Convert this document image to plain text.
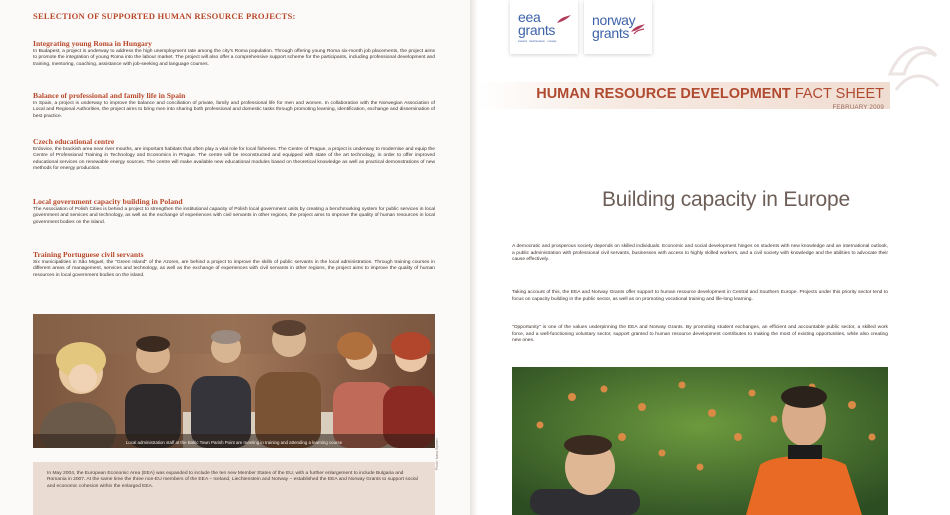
SELECTION OF SUPPORTED HUMAN RESOURCE PROJECTS:
Integrating young Roma in Hungary

In Budapest, a project is underway to address the high unemployment rate among the city's Roma population. Through offering young Roma six-month job placements, the project aims to promote the integration of young Roma into the labour market. The project will also offer a comprehensive support scheme for the participants, including professional development and training, mentoring, coaching, assistance with job-seeking and language courses.

Balance of professional and family life in Spain

In Spain, a project is underway to improve the balance and conciliation of private, family and professional life for men and women. In collaboration with the Norwegian Association of Local and Regional Authorities, the project aims to bring men into sharing both professional and domestic tasks through promoting learning, identification, exchange and dissemination of best practice.

Czech educational centre

Erdovice, the brackish area near river mouths, are important habitats that often play a vital role for local fisheries. The Centre of Prague, a project is underway to modernise and equip the Centre of Professional Training in Technology and Economics in Prague. The centre will be reconstructed and equipped with state of the art technology, in order to offer improved educational services on renewable energy sources. The centre will make available new educational modules based on theoretical knowledge as well as practical demonstrations of new methods for energy production.

Local government capacity building in Poland

The Association of Polish Cities is behind a project to strengthen the institutional capacity of Polish local government units by creating a benchmarking system for public services in local government and services and technology, as well as the exchange of experiences with civil servants in other regions, the project aims to improve the quality of human resources in local government bodies on the island.

Training Portuguese civil servants

Six municipalities in São Miguel, the "Green Island" of the Azores, are behind a project to improve the skills of public servants in the local administration. Through training courses in different areas of management, services and technology, as well as the exchange of experiences with civil servants in other regions, the project aims to improve the quality of human resources in local government bodies on the island.

Local administration staff at the Baltic Town Parish Point are meeting in training and attending a learning course

In May 2004, the European Economic Area (EEA) was expanded to include the ten new Member States of the EU, with a further enlargement to include Bulgaria and Romania in 2007. At the same time the three non-EU members of the EEA – Iceland, Liechtenstein and Norway – established the EEA and Norway Grants to support social and economic cohesion within the enlarged EEA.

Photo: Ivana Sipmen
eea
grants
iceland · liechtenstein · norway
norway
grants
HUMAN RESOURCE DEVELOPMENT FACT SHEET
FEBRUARY 2009
Building capacity in Europe

A democratic and prosperous society depends on skilled individuals. Economic and social development hinges on students with new knowledge and an international outlook, a public administration with professional civil servants, businesses with access to highly skilled workers, and a civil society with knowledge and the abilities to advocate their cause effectively.

Taking account of this, the EEA and Norway Grants offer support to human resource development in Central and Southern Europe. Projects under this priority sector tend to focus on capacity building in the public sector, as well as on promoting vocational training and life-long learning.

"Opportunity" is one of the values underpinning the EEA and Norway Grants. By promoting student exchanges, an efficient and accountable public sector, a skilled work force, and a well-functioning voluntary sector, support granted to human resource development contributes to making the most of existing opportunities, while also creating new ones.
